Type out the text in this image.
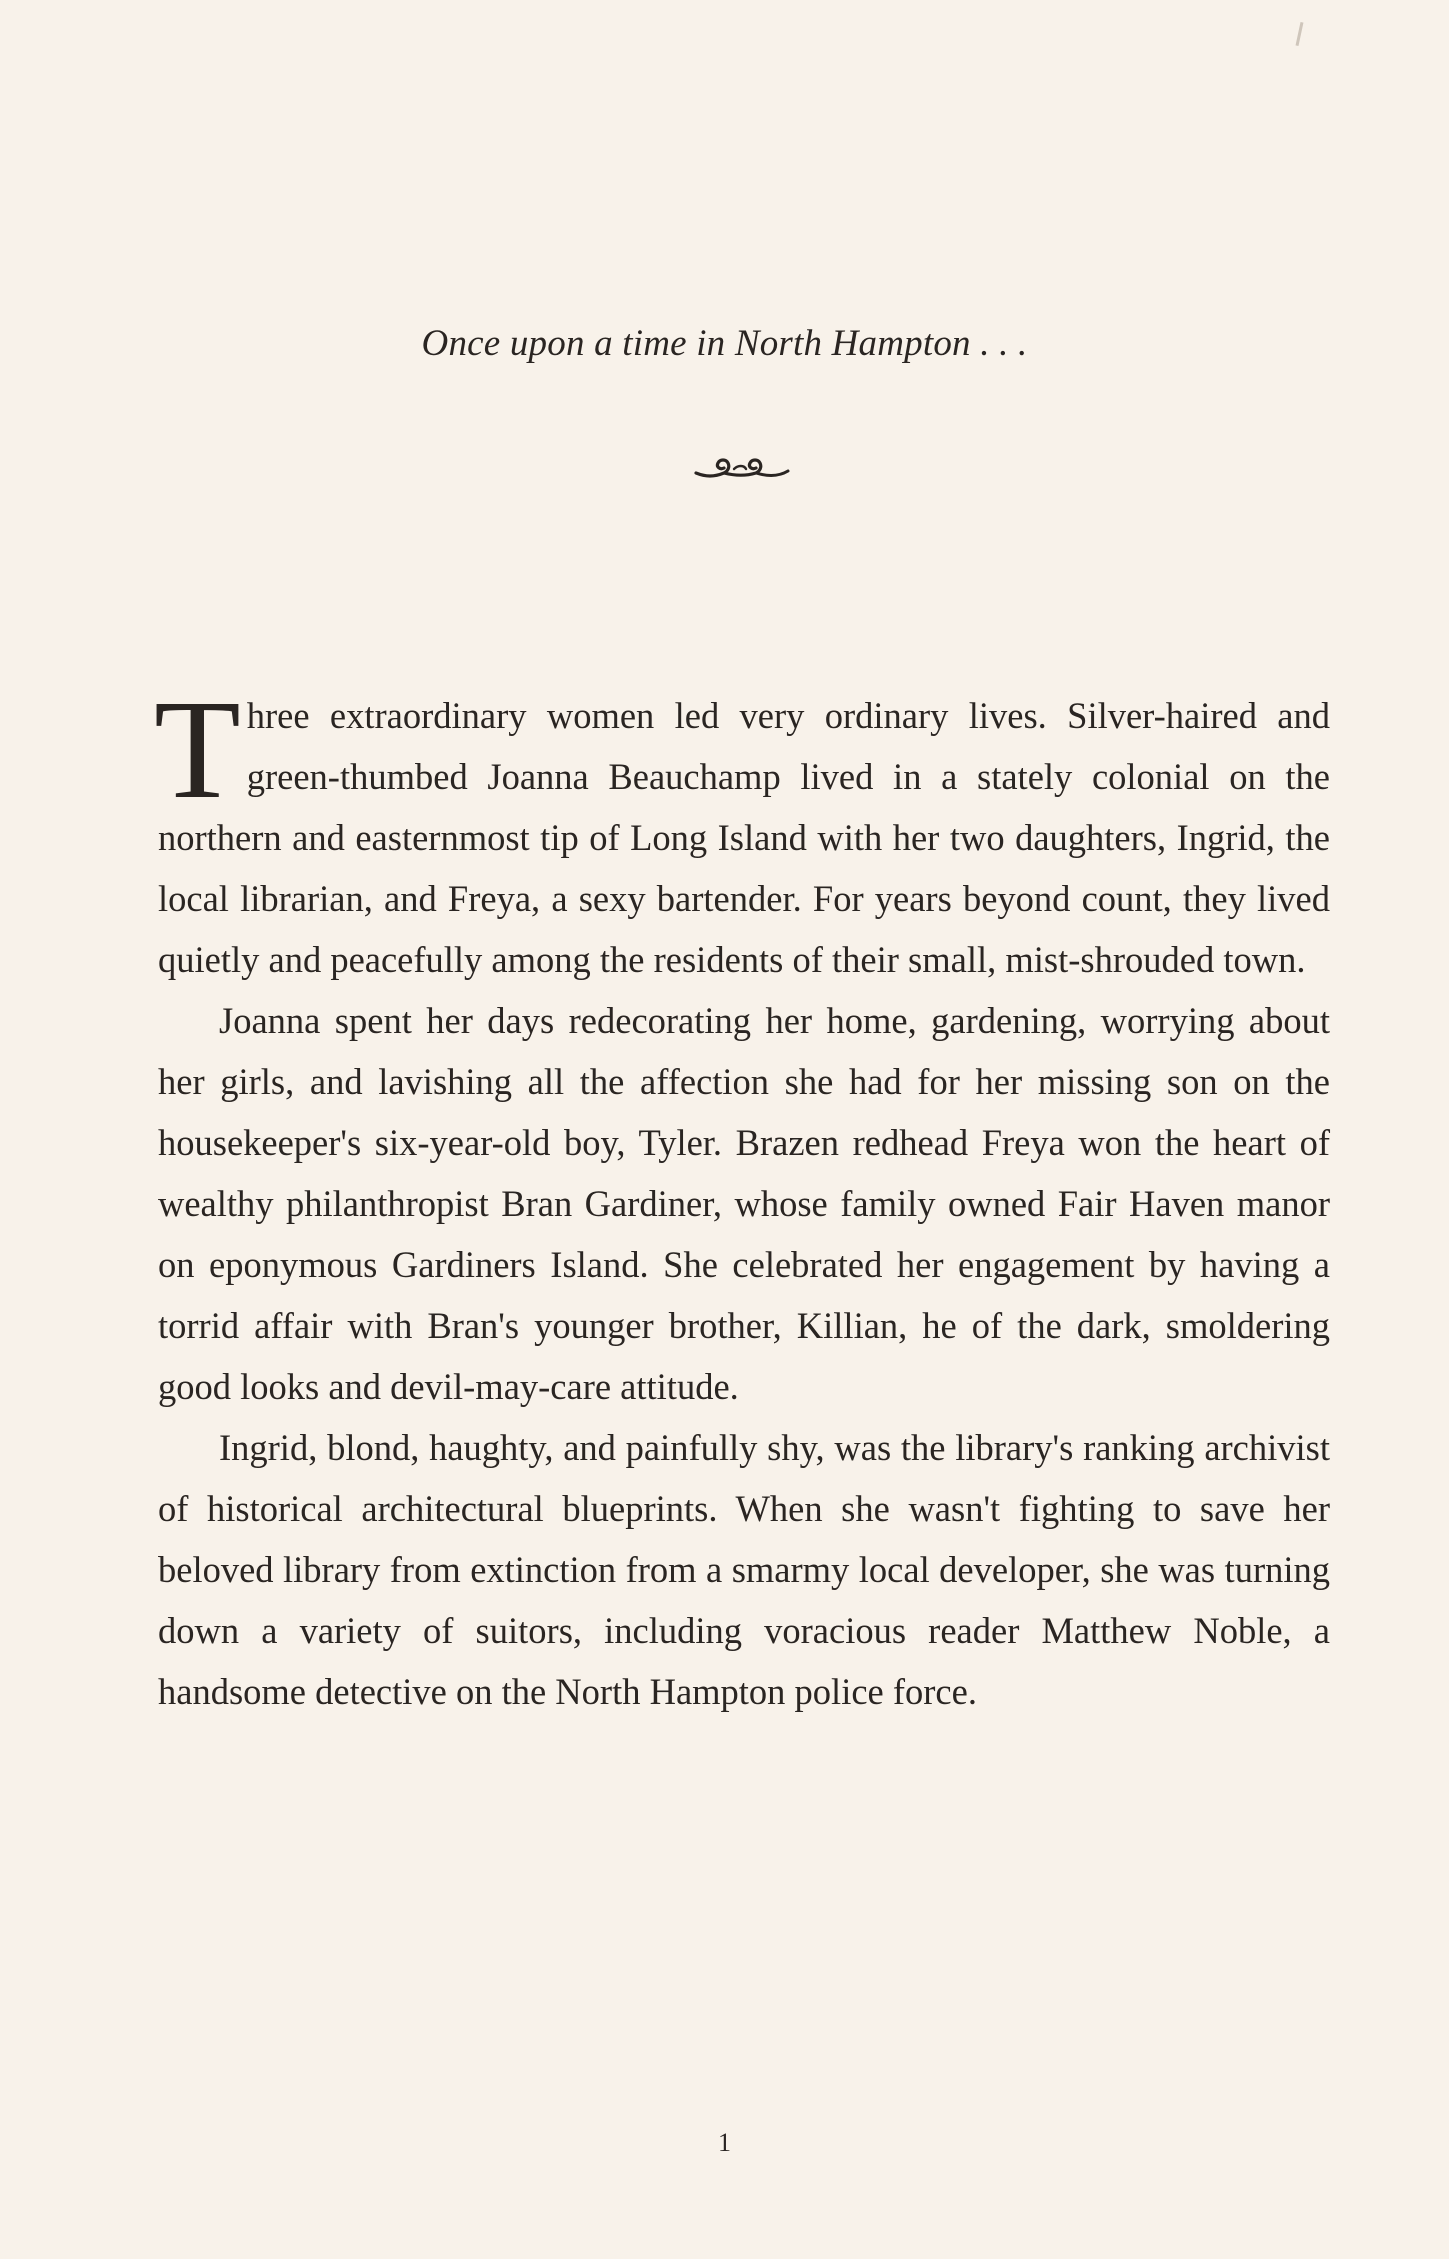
Once upon a time in North Hampton . . .

Three extraordinary women led very ordinary lives. Silver-haired and green-thumbed Joanna Beauchamp lived in a stately colonial on the northern and easternmost tip of Long Island with her two daughters, Ingrid, the local librarian, and Freya, a sexy bartender. For years beyond count, they lived quietly and peacefully among the residents of their small, mist-shrouded town.

Joanna spent her days redecorating her home, gardening, worrying about her girls, and lavishing all the affection she had for her missing son on the housekeeper's six-year-old boy, Tyler. Brazen redhead Freya won the heart of wealthy philanthropist Bran Gardiner, whose family owned Fair Haven manor on eponymous Gardiners Island. She celebrated her engagement by having a torrid affair with Bran's younger brother, Killian, he of the dark, smoldering good looks and devil-may-care attitude.

Ingrid, blond, haughty, and painfully shy, was the library's ranking archivist of historical architectural blueprints. When she wasn't fighting to save her beloved library from extinction from a smarmy local developer, she was turning down a variety of suitors, including voracious reader Matthew Noble, a handsome detective on the North Hampton police force.

1
